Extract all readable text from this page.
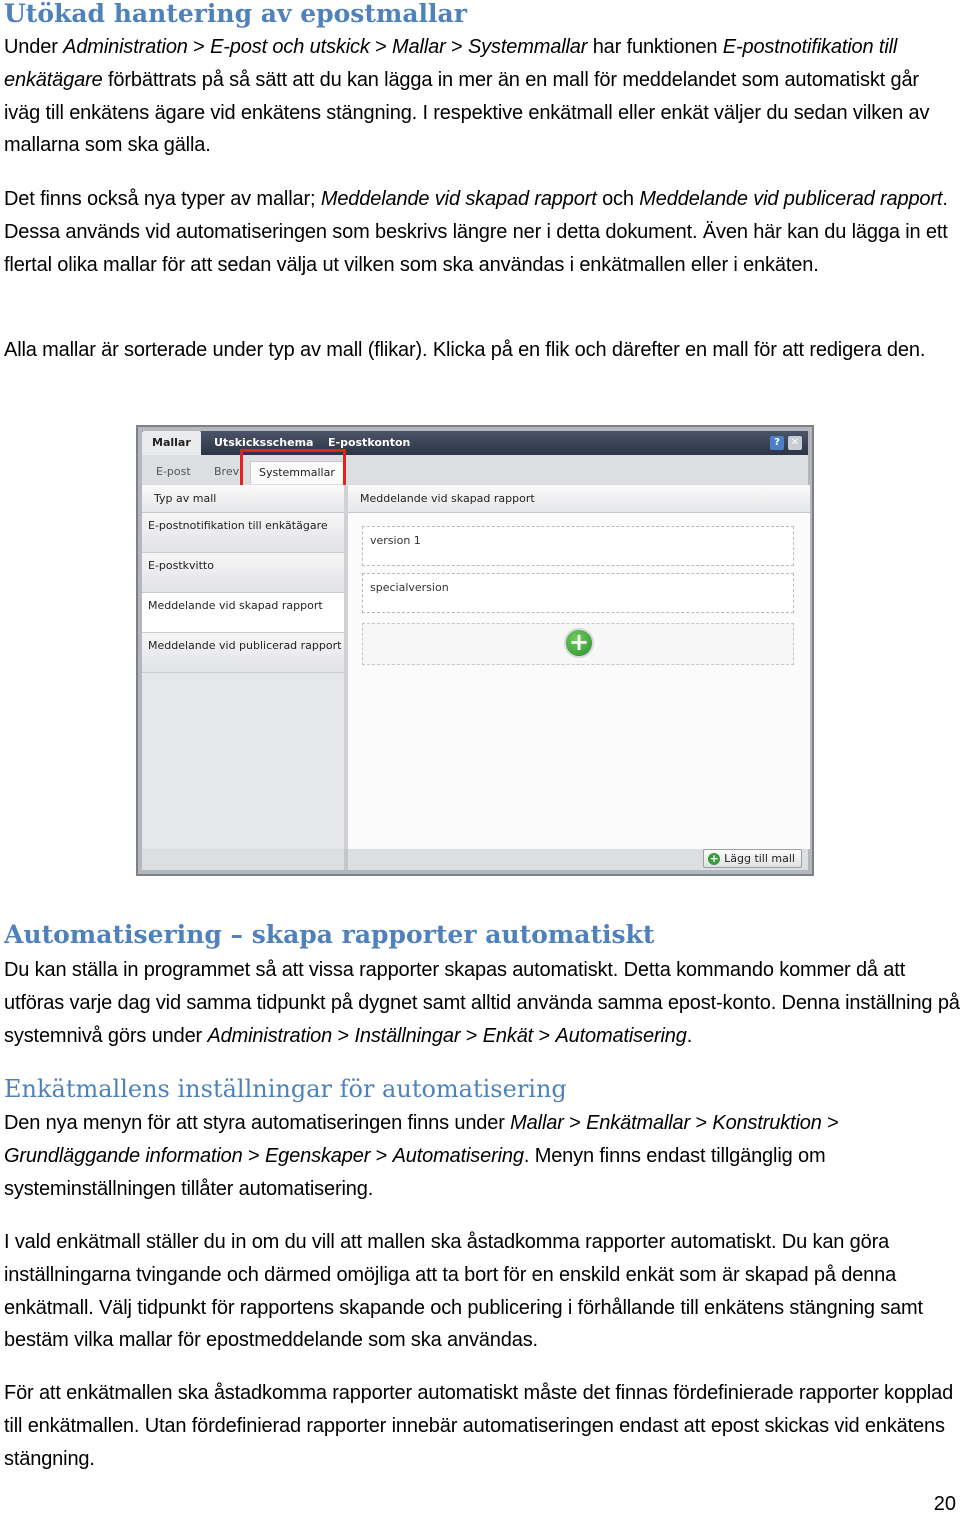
Utökad hantering av epostmallar

Under Administration > E-post och utskick > Mallar > Systemmallar har funktionen E-postnotifikation till enkätägare förbättrats på så sätt att du kan lägga in mer än en mall för meddelandet som automatiskt går iväg till enkätens ägare vid enkätens stängning. I respektive enkätmall eller enkät väljer du sedan vilken av mallarna som ska gälla.

Det finns också nya typer av mallar; Meddelande vid skapad rapport och Meddelande vid publicerad rapport. Dessa används vid automatiseringen som beskrivs längre ner i detta dokument. Även här kan du lägga in ett flertal olika mallar för att sedan välja ut vilken som ska användas i enkätmallen eller i enkäten.

Alla mallar är sorterade under typ av mall (flikar). Klicka på en flik och därefter en mall för att redigera den.

Mallar	Utskicksschema	E-postkonton	?	✕
E-post	Brev	Systemmallar
Typ av mall	Meddelande vid skapad rapport
E-postnotifikation till enkätägare
E-postkvitto
Meddelande vid skapad rapport
Meddelande vid publicerad rapport
version 1
specialversion
+
+ Lägg till mall
Automatisering – skapa rapporter automatiskt

Du kan ställa in programmet så att vissa rapporter skapas automatiskt. Detta kommando kommer då att utföras varje dag vid samma tidpunkt på dygnet samt alltid använda samma epost-konto. Denna inställning på systemnivå görs under Administration > Inställningar > Enkät > Automatisering.

Enkätmallens inställningar för automatisering

Den nya menyn för att styra automatiseringen finns under Mallar > Enkätmallar > Konstruktion > Grundläggande information > Egenskaper > Automatisering. Menyn finns endast tillgänglig om systeminställningen tillåter automatisering.

I vald enkätmall ställer du in om du vill att mallen ska åstadkomma rapporter automatiskt. Du kan göra inställningarna tvingande och därmed omöjliga att ta bort för en enskild enkät som är skapad på denna enkätmall. Välj tidpunkt för rapportens skapande och publicering i förhållande till enkätens stängning samt bestäm vilka mallar för epostmeddelande som ska användas.

För att enkätmallen ska åstadkomma rapporter automatiskt måste det finnas fördefinierade rapporter kopplad till enkätmallen. Utan fördefinierad rapporter innebär automatiseringen endast att epost skickas vid enkätens stängning.

20
